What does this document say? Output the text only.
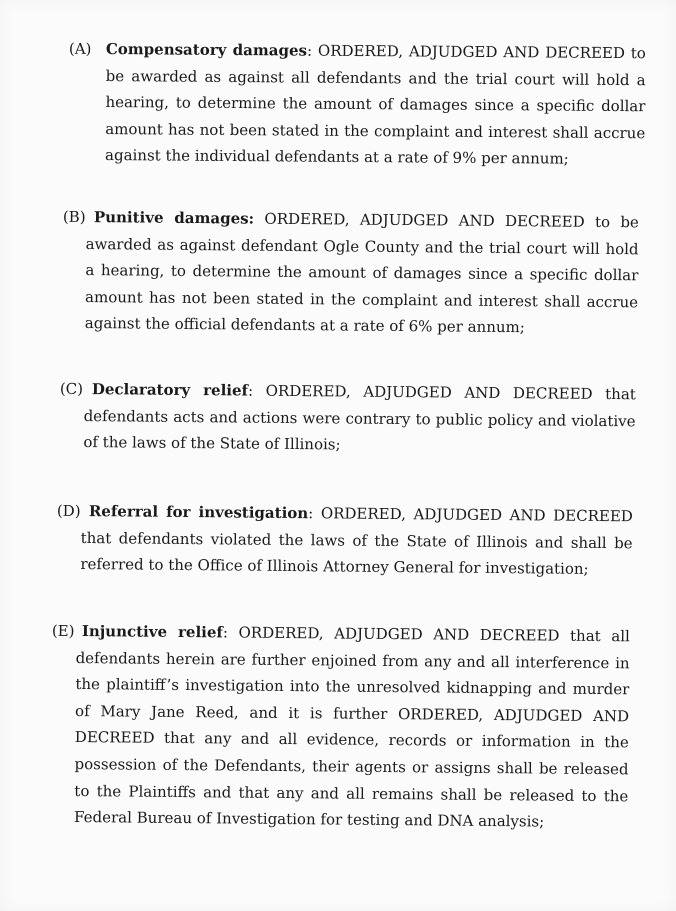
(A) Compensatory damages: ORDERED, ADJUDGED AND DECREED to be awarded as against all defendants and the trial court will hold a hearing, to determine the amount of damages since a specific dollar amount has not been stated in the complaint and interest shall accrue against the individual defendants at a rate of 9% per annum;

(B) Punitive damages: ORDERED, ADJUDGED AND DECREED to be awarded as against defendant Ogle County and the trial court will hold a hearing, to determine the amount of damages since a specific dollar amount has not been stated in the complaint and interest shall accrue against the official defendants at a rate of 6% per annum;

(C) Declaratory relief: ORDERED, ADJUDGED AND DECREED that defendants acts and actions were contrary to public policy and violative of the laws of the State of Illinois;

(D) Referral for investigation: ORDERED, ADJUDGED AND DECREED that defendants violated the laws of the State of Illinois and shall be referred to the Office of Illinois Attorney General for investigation;

(E) Injunctive relief: ORDERED, ADJUDGED AND DECREED that all defendants herein are further enjoined from any and all interference in the plaintiff’s investigation into the unresolved kidnapping and murder of Mary Jane Reed, and it is further ORDERED, ADJUDGED AND DECREED that any and all evidence, records or information in the possession of the Defendants, their agents or assigns shall be released to the Plaintiffs and that any and all remains shall be released to the Federal Bureau of Investigation for testing and DNA analysis;
